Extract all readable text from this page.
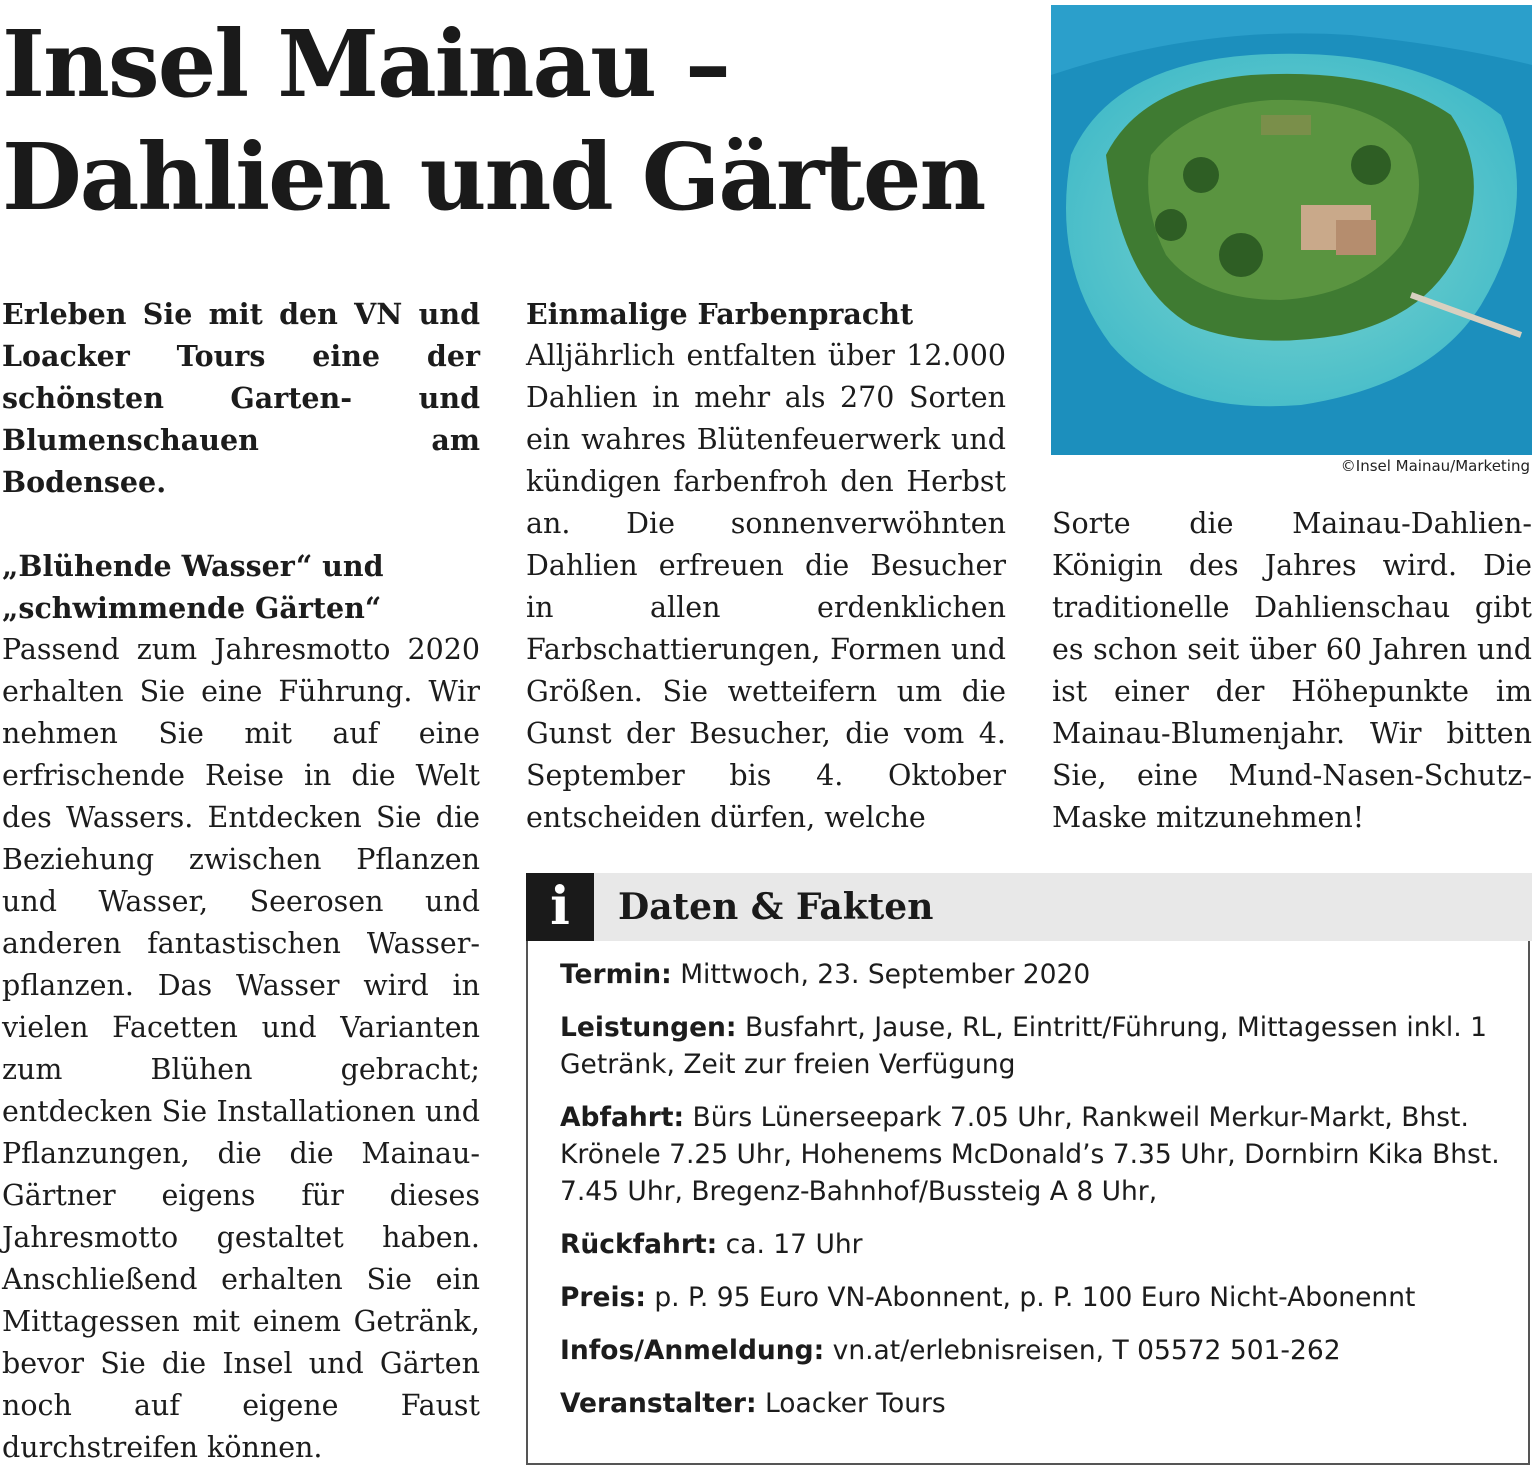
Insel Mainau –
Dahlien und Gärten
©Insel Mainau/Marketing

Erleben Sie mit den VN und Loacker Tours eine der schönsten Garten- und Blumenschauen am Bodensee.

„Blühende Wasser“ und „schwimmende Gärten“

Passend zum Jahresmotto 2020 erhalten Sie eine Führung. Wir nehmen Sie mit auf eine erfrischende Reise in die Welt des Wassers. Entdecken Sie die Beziehung zwischen Pflanzen und Wasser, Seerosen und anderen fantastischen Wasser-pflanzen. Das Wasser wird in vielen Facetten und Varianten zum Blühen gebracht; entdecken Sie Installationen und Pflanzungen, die die Mainau-Gärtner eigens für dieses Jahresmotto gestaltet haben. Anschließend erhalten Sie ein Mittagessen mit einem Getränk, bevor Sie die Insel und Gärten noch auf eigene Faust durchstreifen können.

Einmalige Farbenpracht

Alljährlich entfalten über 12.000 Dahlien in mehr als 270 Sorten ein wahres Blütenfeuerwerk und kündigen farbenfroh den Herbst an. Die sonnenverwöhnten Dahlien erfreuen die Besucher in allen erdenklichen Farbschattierungen, Formen und Größen. Sie wetteifern um die Gunst der Besucher, die vom 4. September bis 4. Oktober entscheiden dürfen, welche

Sorte die Mainau-Dahlien-Königin des Jahres wird. Die traditionelle Dahlienschau gibt es schon seit über 60 Jahren und ist einer der Höhepunkte im Mainau-Blumenjahr. Wir bitten Sie, eine Mund-Nasen-Schutz-Maske mitzunehmen!

i	Daten & Fakten

Termin: Mittwoch, 23. September 2020

Leistungen: Busfahrt, Jause, RL, Eintritt/Führung, Mittagessen inkl. 1 Getränk, Zeit zur freien Verfügung

Abfahrt: Bürs Lünerseepark 7.05 Uhr, Rankweil Merkur-Markt, Bhst. Krönele 7.25 Uhr, Hohenems McDonald’s 7.35 Uhr, Dornbirn Kika Bhst. 7.45 Uhr, Bregenz-Bahnhof/Bussteig A 8 Uhr,

Rückfahrt: ca. 17 Uhr

Preis: p. P. 95 Euro VN-Abonnent, p. P. 100 Euro Nicht-Abonennt

Infos/Anmeldung: vn.at/erlebnisreisen, T 05572 501-262

Veranstalter: Loacker Tours
